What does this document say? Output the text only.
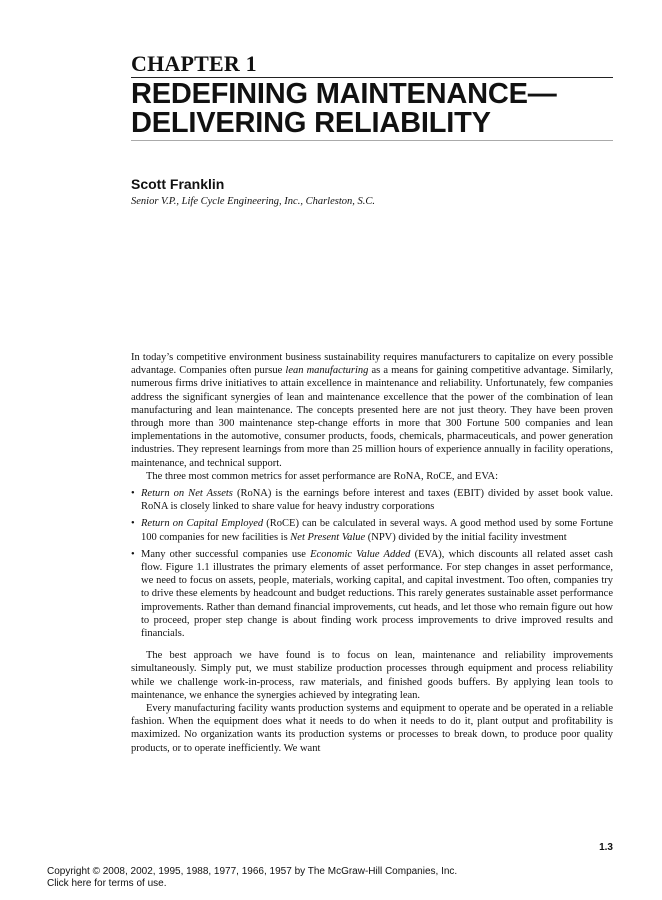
CHAPTER 1
REDEFINING MAINTENANCE—
DELIVERING RELIABILITY
Scott Franklin
Senior V.P., Life Cycle Engineering, Inc., Charleston, S.C.

In today’s competitive environment business sustainability requires manufacturers to capitalize on every possible advantage. Companies often pursue lean manufacturing as a means for gaining competitive advantage. Similarly, numerous firms drive initiatives to attain excellence in maintenance and reliability. Unfortunately, few companies address the significant synergies of lean and maintenance excellence that the power of the combination of lean manufacturing and lean maintenance. The concepts presented here are not just theory. They have been proven through more than 300 maintenance step-change efforts in more that 300 Fortune 500 companies and lean implementations in the automotive, consumer products, foods, chemicals, pharmaceuticals, and power generation industries. They represent learnings from more than 25 million hours of experience annually in facility operations, maintenance, and technical support.

The three most common metrics for asset performance are RoNA, RoCE, and EVA:

• Return on Net Assets (RoNA) is the earnings before interest and taxes (EBIT) divided by asset book value. RoNA is closely linked to share value for heavy industry corporations
• Return on Capital Employed (RoCE) can be calculated in several ways. A good method used by some Fortune 100 companies for new facilities is Net Present Value (NPV) divided by the initial facility investment
• Many other successful companies use Economic Value Added (EVA), which discounts all related asset cash flow. Figure 1.1 illustrates the primary elements of asset performance. For step changes in asset performance, we need to focus on assets, people, materials, working capital, and capital investment. Too often, companies try to drive these elements by headcount and budget reductions. This rarely generates sustainable asset performance improvements. Rather than demand financial improvements, cut heads, and let those who remain figure out how to proceed, proper step change is about finding work process improvements to drive improved results and financials.

The best approach we have found is to focus on lean, maintenance and reliability improvements simultaneously. Simply put, we must stabilize production processes through equipment and process reliability while we challenge work-in-process, raw materials, and finished goods buffers. By applying lean tools to maintenance, we enhance the synergies achieved by integrating lean.

Every manufacturing facility wants production systems and equipment to operate and be operated in a reliable fashion. When the equipment does what it needs to do when it needs to do it, plant output and profitability is maximized. No organization wants its production systems or processes to break down, to produce poor quality products, or to operate inefficiently. We want

1.3
Copyright © 2008, 2002, 1995, 1988, 1977, 1966, 1957 by The McGraw-Hill Companies, Inc.
Click here for terms of use.
